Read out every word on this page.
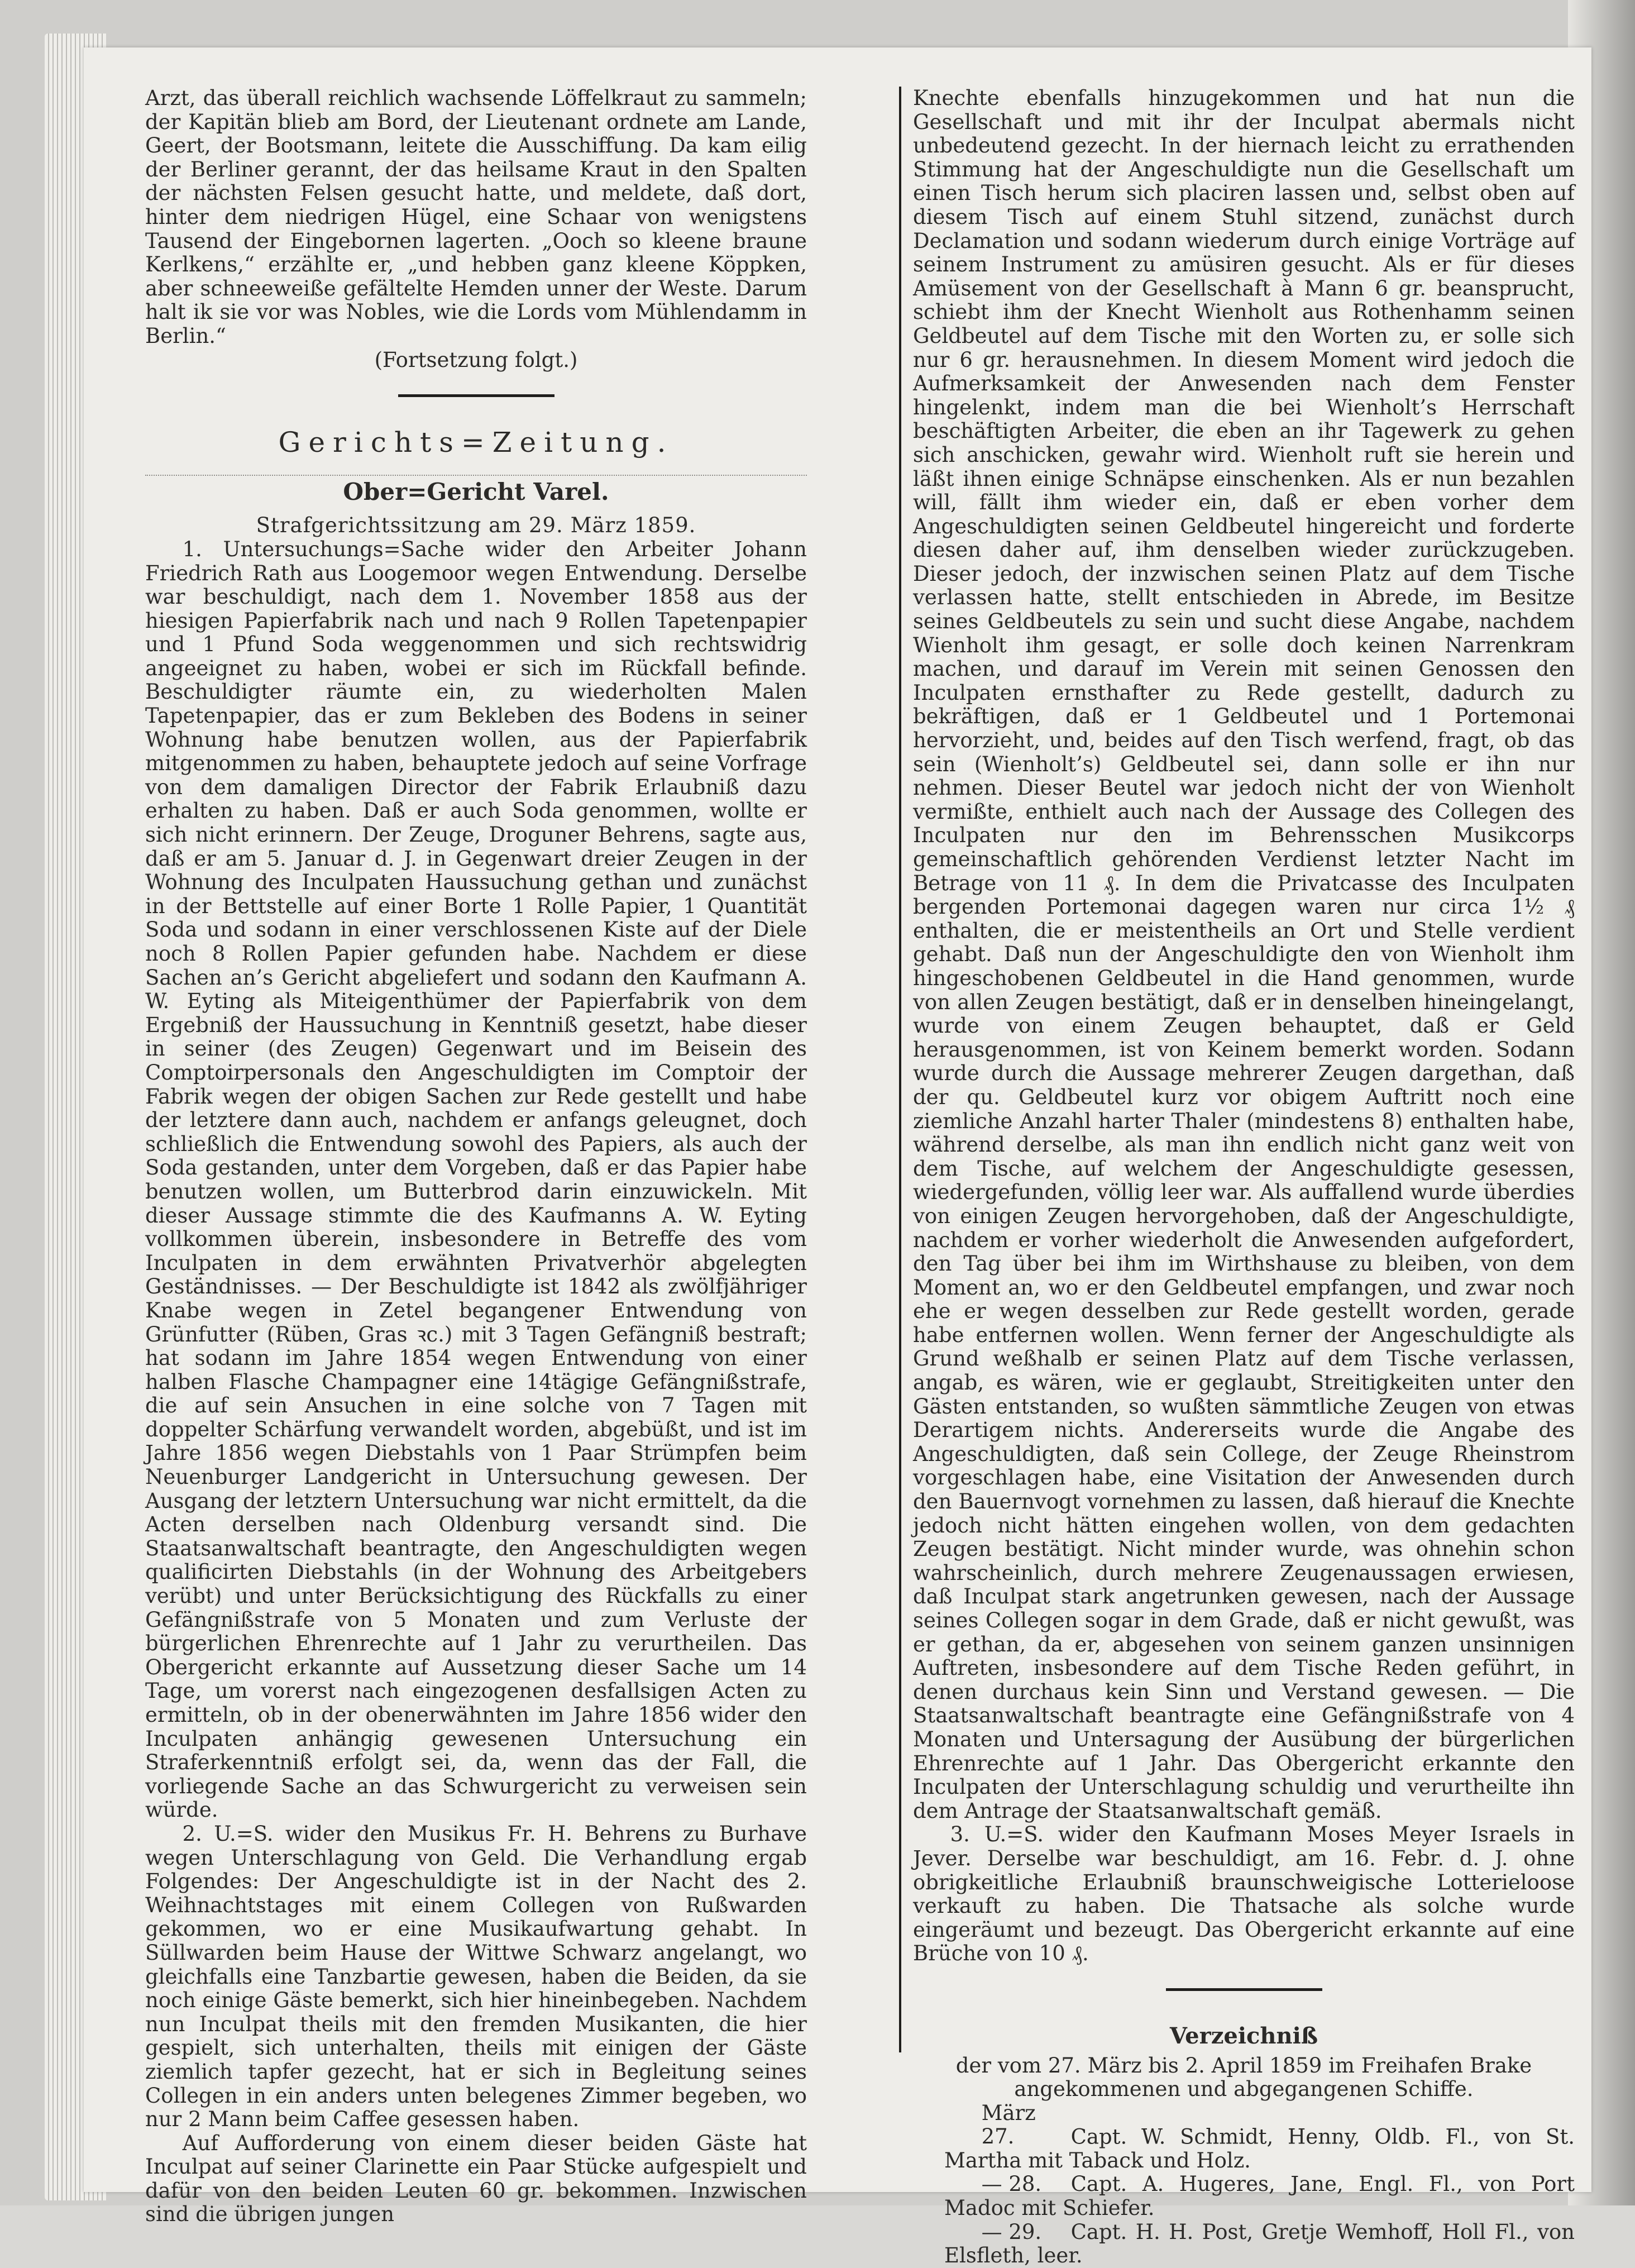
Arzt, das überall reichlich wachsende Löffelkraut zu sammeln; der Kapitän blieb am Bord, der Lieutenant ordnete am Lande, Geert, der Bootsmann, leitete die Ausschiffung. Da kam eilig der Berliner gerannt, der das heilsame Kraut in den Spalten der nächsten Felsen gesucht hatte, und meldete, daß dort, hinter dem niedrigen Hügel, eine Schaar von wenigstens Tausend der Eingebornen lagerten. „Ooch so kleene braune Kerlkens,“ erzählte er, „und hebben ganz kleene Köppken, aber schneeweiße gefältelte Hemden unner der Weste. Darum halt ik sie vor was Nobles, wie die Lords vom Mühlendamm in Berlin.“

(Fortsetzung folgt.)

Gerichts=Zeitung.
Ober=Gericht Varel.

Strafgerichtssitzung am 29. März 1859.

1. Untersuchungs=Sache wider den Arbeiter Johann Friedrich Rath aus Loogemoor wegen Entwendung. Derselbe war beschuldigt, nach dem 1. November 1858 aus der hiesigen Papierfabrik nach und nach 9 Rollen Tapetenpapier und 1 Pfund Soda weggenommen und sich rechtswidrig angeeignet zu haben, wobei er sich im Rückfall befinde. Beschuldigter räumte ein, zu wiederholten Malen Tapetenpapier, das er zum Bekleben des Bodens in seiner Wohnung habe benutzen wollen, aus der Papierfabrik mitgenommen zu haben, behauptete jedoch auf seine Vorfrage von dem damaligen Director der Fabrik Erlaubniß dazu erhalten zu haben. Daß er auch Soda genommen, wollte er sich nicht erinnern. Der Zeuge, Droguner Behrens, sagte aus, daß er am 5. Januar d. J. in Gegenwart dreier Zeugen in der Wohnung des Inculpaten Haussuchung gethan und zunächst in der Bettstelle auf einer Borte 1 Rolle Papier, 1 Quantität Soda und sodann in einer verschlossenen Kiste auf der Diele noch 8 Rollen Papier gefunden habe. Nachdem er diese Sachen an’s Gericht abgeliefert und sodann den Kaufmann A. W. Eyting als Miteigenthümer der Papierfabrik von dem Ergebniß der Haussuchung in Kenntniß gesetzt, habe dieser in seiner (des Zeugen) Gegenwart und im Beisein des Comptoirpersonals den Angeschuldigten im Comptoir der Fabrik wegen der obigen Sachen zur Rede gestellt und habe der letztere dann auch, nachdem er anfangs geleugnet, doch schließlich die Entwendung sowohl des Papiers, als auch der Soda gestanden, unter dem Vorgeben, daß er das Papier habe benutzen wollen, um Butterbrod darin einzuwickeln. Mit dieser Aussage stimmte die des Kaufmanns A. W. Eyting vollkommen überein, insbesondere in Betreffe des vom Inculpaten in dem erwähnten Privatverhör abgelegten Geständnisses. — Der Beschuldigte ist 1842 als zwölfjähriger Knabe wegen in Zetel begangener Entwendung von Grünfutter (Rüben, Gras ꝛc.) mit 3 Tagen Gefängniß bestraft; hat sodann im Jahre 1854 wegen Entwendung von einer halben Flasche Champagner eine 14tägige Gefängnißstrafe, die auf sein Ansuchen in eine solche von 7 Tagen mit doppelter Schärfung verwandelt worden, abgebüßt, und ist im Jahre 1856 wegen Diebstahls von 1 Paar Strümpfen beim Neuenburger Landgericht in Untersuchung gewesen. Der Ausgang der letztern Untersuchung war nicht ermittelt, da die Acten derselben nach Oldenburg versandt sind. Die Staatsanwaltschaft beantragte, den Angeschuldigten wegen qualificirten Diebstahls (in der Wohnung des Arbeitgebers verübt) und unter Berücksichtigung des Rückfalls zu einer Gefängnißstrafe von 5 Monaten und zum Verluste der bürgerlichen Ehrenrechte auf 1 Jahr zu verurtheilen. Das Obergericht erkannte auf Aussetzung dieser Sache um 14 Tage, um vorerst nach eingezogenen desfallsigen Acten zu ermitteln, ob in der obenerwähnten im Jahre 1856 wider den Inculpaten anhängig gewesenen Untersuchung ein Straferkenntniß erfolgt sei, da, wenn das der Fall, die vorliegende Sache an das Schwurgericht zu verweisen sein würde.

2. U.=S. wider den Musikus Fr. H. Behrens zu Burhave wegen Unterschlagung von Geld. Die Verhandlung ergab Folgendes: Der Angeschuldigte ist in der Nacht des 2. Weihnachtstages mit einem Collegen von Rußwarden gekommen, wo er eine Musikaufwartung gehabt. In Süllwarden beim Hause der Wittwe Schwarz angelangt, wo gleichfalls eine Tanzbartie gewesen, haben die Beiden, da sie noch einige Gäste bemerkt, sich hier hineinbegeben. Nachdem nun Inculpat theils mit den fremden Musikanten, die hier gespielt, sich unterhalten, theils mit einigen der Gäste ziemlich tapfer gezecht, hat er sich in Begleitung seines Collegen in ein anders unten belegenes Zimmer begeben, wo nur 2 Mann beim Caffee gesessen haben.

Auf Aufforderung von einem dieser beiden Gäste hat Inculpat auf seiner Clarinette ein Paar Stücke aufgespielt und dafür von den beiden Leuten 60 gr. bekommen. Inzwischen sind die übrigen jungen

Knechte ebenfalls hinzugekommen und hat nun die Gesellschaft und mit ihr der Inculpat abermals nicht unbedeutend gezecht. In der hiernach leicht zu errathenden Stimmung hat der Angeschuldigte nun die Gesellschaft um einen Tisch herum sich placiren lassen und, selbst oben auf diesem Tisch auf einem Stuhl sitzend, zunächst durch Declamation und sodann wiederum durch einige Vorträge auf seinem Instrument zu amüsiren gesucht. Als er für dieses Amüsement von der Gesellschaft à Mann 6 gr. beansprucht, schiebt ihm der Knecht Wienholt aus Rothenhamm seinen Geldbeutel auf dem Tische mit den Worten zu, er solle sich nur 6 gr. herausnehmen. In diesem Moment wird jedoch die Aufmerksamkeit der Anwesenden nach dem Fenster hingelenkt, indem man die bei Wienholt’s Herrschaft beschäftigten Arbeiter, die eben an ihr Tagewerk zu gehen sich anschicken, gewahr wird. Wienholt ruft sie herein und läßt ihnen einige Schnäpse einschenken. Als er nun bezahlen will, fällt ihm wieder ein, daß er eben vorher dem Angeschuldigten seinen Geldbeutel hingereicht und forderte diesen daher auf, ihm denselben wieder zurückzugeben. Dieser jedoch, der inzwischen seinen Platz auf dem Tische verlassen hatte, stellt entschieden in Abrede, im Besitze seines Geldbeutels zu sein und sucht diese Angabe, nachdem Wienholt ihm gesagt, er solle doch keinen Narrenkram machen, und darauf im Verein mit seinen Genossen den Inculpaten ernsthafter zu Rede gestellt, dadurch zu bekräftigen, daß er 1 Geldbeutel und 1 Portemonai hervorzieht, und, beides auf den Tisch werfend, fragt, ob das sein (Wienholt’s) Geldbeutel sei, dann solle er ihn nur nehmen. Dieser Beutel war jedoch nicht der von Wienholt vermißte, enthielt auch nach der Aussage des Collegen des Inculpaten nur den im Behrensschen Musikcorps gemeinschaftlich gehörenden Verdienst letzter Nacht im Betrage von 11 ₰. In dem die Privatcasse des Inculpaten bergenden Portemonai dagegen waren nur circa 1½ ₰ enthalten, die er meistentheils an Ort und Stelle verdient gehabt. Daß nun der Angeschuldigte den von Wienholt ihm hingeschobenen Geldbeutel in die Hand genommen, wurde von allen Zeugen bestätigt, daß er in denselben hineingelangt, wurde von einem Zeugen behauptet, daß er Geld herausgenommen, ist von Keinem bemerkt worden. Sodann wurde durch die Aussage mehrerer Zeugen dargethan, daß der qu. Geldbeutel kurz vor obigem Auftritt noch eine ziemliche Anzahl harter Thaler (mindestens 8) enthalten habe, während derselbe, als man ihn endlich nicht ganz weit von dem Tische, auf welchem der Angeschuldigte gesessen, wiedergefunden, völlig leer war. Als auffallend wurde überdies von einigen Zeugen hervorgehoben, daß der Angeschuldigte, nachdem er vorher wiederholt die Anwesenden aufgefordert, den Tag über bei ihm im Wirthshause zu bleiben, von dem Moment an, wo er den Geldbeutel empfangen, und zwar noch ehe er wegen desselben zur Rede gestellt worden, gerade habe entfernen wollen. Wenn ferner der Angeschuldigte als Grund weßhalb er seinen Platz auf dem Tische verlassen, angab, es wären, wie er geglaubt, Streitigkeiten unter den Gästen entstanden, so wußten sämmtliche Zeugen von etwas Derartigem nichts. Andererseits wurde die Angabe des Angeschuldigten, daß sein College, der Zeuge Rheinstrom vorgeschlagen habe, eine Visitation der Anwesenden durch den Bauernvogt vornehmen zu lassen, daß hierauf die Knechte jedoch nicht hätten eingehen wollen, von dem gedachten Zeugen bestätigt. Nicht minder wurde, was ohnehin schon wahrscheinlich, durch mehrere Zeugenaussagen erwiesen, daß Inculpat stark angetrunken gewesen, nach der Aussage seines Collegen sogar in dem Grade, daß er nicht gewußt, was er gethan, da er, abgesehen von seinem ganzen unsinnigen Auftreten, insbesondere auf dem Tische Reden geführt, in denen durchaus kein Sinn und Verstand gewesen. — Die Staatsanwaltschaft beantragte eine Gefängnißstrafe von 4 Monaten und Untersagung der Ausübung der bürgerlichen Ehrenrechte auf 1 Jahr. Das Obergericht erkannte den Inculpaten der Unterschlagung schuldig und verurtheilte ihn dem Antrage der Staatsanwaltschaft gemäß.

3. U.=S. wider den Kaufmann Moses Meyer Israels in Jever. Derselbe war beschuldigt, am 16. Febr. d. J. ohne obrigkeitliche Erlaubniß braunschweigische Lotterieloose verkauft zu haben. Die Thatsache als solche wurde eingeräumt und bezeugt. Das Obergericht erkannte auf eine Brüche von 10 ₰.

Verzeichniß

der vom 27. März bis 2. April 1859 im Freihafen Brake angekommenen und abgegangenen Schiffe.

März 27.	Capt. W. Schmidt, Henny, Oldb. Fl., von St. Martha mit Taback und Holz.

— 28. Capt. A. Hugeres, Jane, Engl. Fl., von Port Madoc mit Schiefer.

— 29. Capt. H. H. Post, Gretje Wemhoff, Holl Fl., von Elsfleth, leer.
